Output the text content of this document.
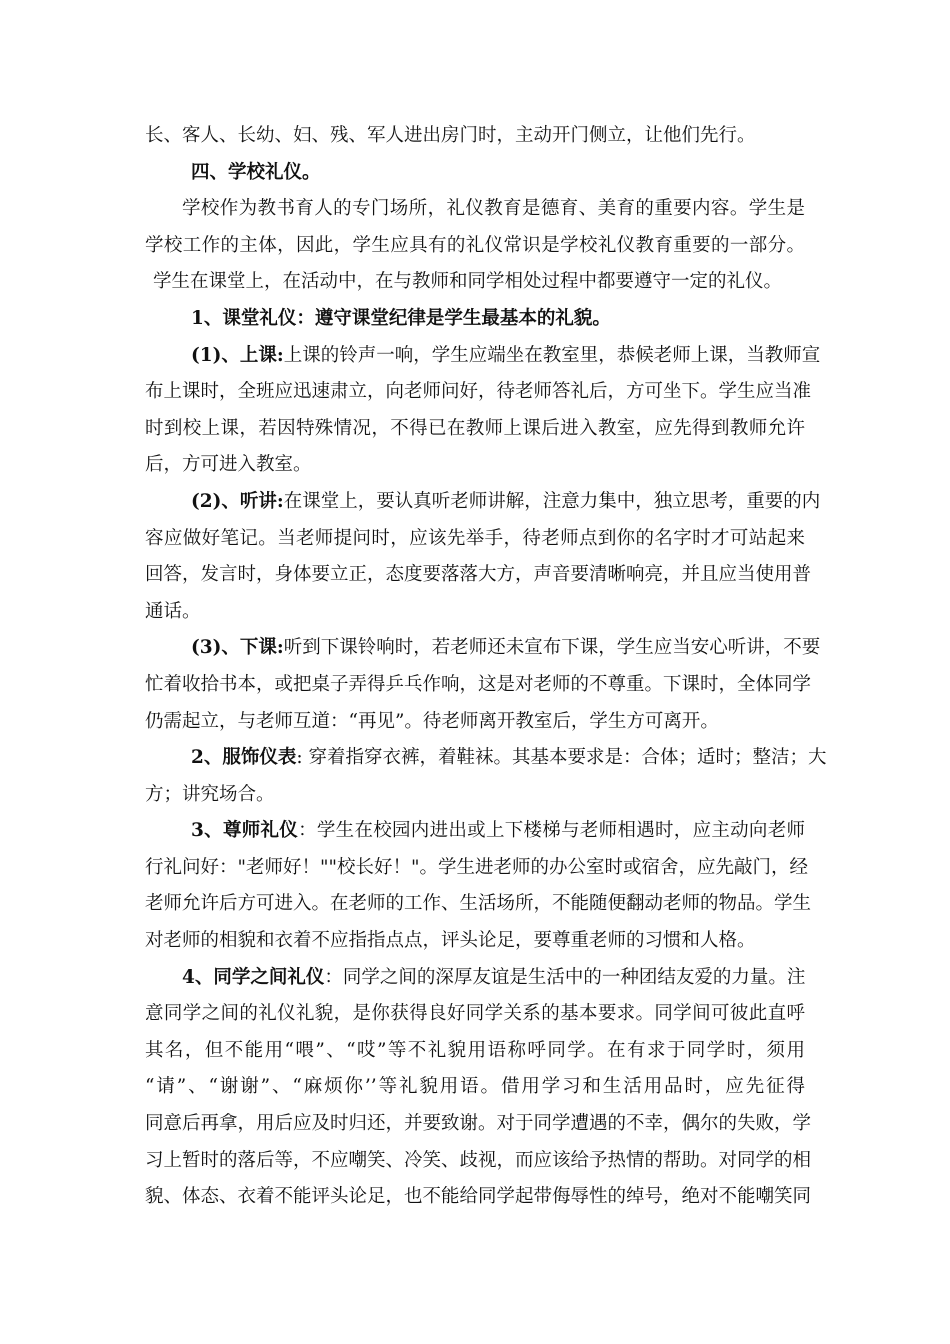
长、客人、长幼、妇、残、军人进出房门时，主动开门侧立，让他们先行。
四、学校礼仪。
学校作为教书育人的专门场所，礼仪教育是德育、美育的重要内容。学生是
学校工作的主体，因此，学生应具有的礼仪常识是学校礼仪教育重要的一部分。
学生在课堂上，在活动中，在与教师和同学相处过程中都要遵守一定的礼仪。
1、课堂礼仪：遵守课堂纪律是学生最基本的礼貌。
(1)、上课:上课的铃声一响，学生应端坐在教室里，恭候老师上课，当教师宣
布上课时，全班应迅速肃立，向老师问好，待老师答礼后，方可坐下。学生应当准
时到校上课，若因特殊情况，不得已在教师上课后进入教室，应先得到教师允许
后，方可进入教室。
(2)、听讲:在课堂上，要认真听老师讲解，注意力集中，独立思考，重要的内
容应做好笔记。当老师提问时，应该先举手，待老师点到你的名字时才可站起来
回答，发言时，身体要立正，态度要落落大方，声音要清晰响亮，并且应当使用普
通话。
(3)、下课:听到下课铃响时，若老师还未宣布下课，学生应当安心听讲，不要
忙着收拾书本，或把桌子弄得乒乓作响，这是对老师的不尊重。下课时，全体同学
仍需起立，与老师互道：“再见”。待老师离开教室后，学生方可离开。
2、服饰仪表: 穿着指穿衣裤，着鞋袜。其基本要求是：合体；适时；整洁；大
方；讲究场合。
3、尊师礼仪：学生在校园内进出或上下楼梯与老师相遇时，应主动向老师
行礼问好："老师好！""校长好！"。学生进老师的办公室时或宿舍，应先敲门，经
老师允许后方可进入。在老师的工作、生活场所，不能随便翻动老师的物品。学生
对老师的相貌和衣着不应指指点点，评头论足，要尊重老师的习惯和人格。
4、同学之间礼仪：同学之间的深厚友谊是生活中的一种团结友爱的力量。注
意同学之间的礼仪礼貌，是你获得良好同学关系的基本要求。同学间可彼此直呼
其名，但不能用“喂”、“哎”等不礼貌用语称呼同学。在有求于同学时，须用
“请”、“谢谢”、“麻烦你’’等礼貌用语。借用学习和生活用品时，应先征得
同意后再拿，用后应及时归还，并要致谢。对于同学遭遇的不幸，偶尔的失败，学
习上暂时的落后等，不应嘲笑、冷笑、歧视，而应该给予热情的帮助。对同学的相
貌、体态、衣着不能评头论足，也不能给同学起带侮辱性的绰号，绝对不能嘲笑同
